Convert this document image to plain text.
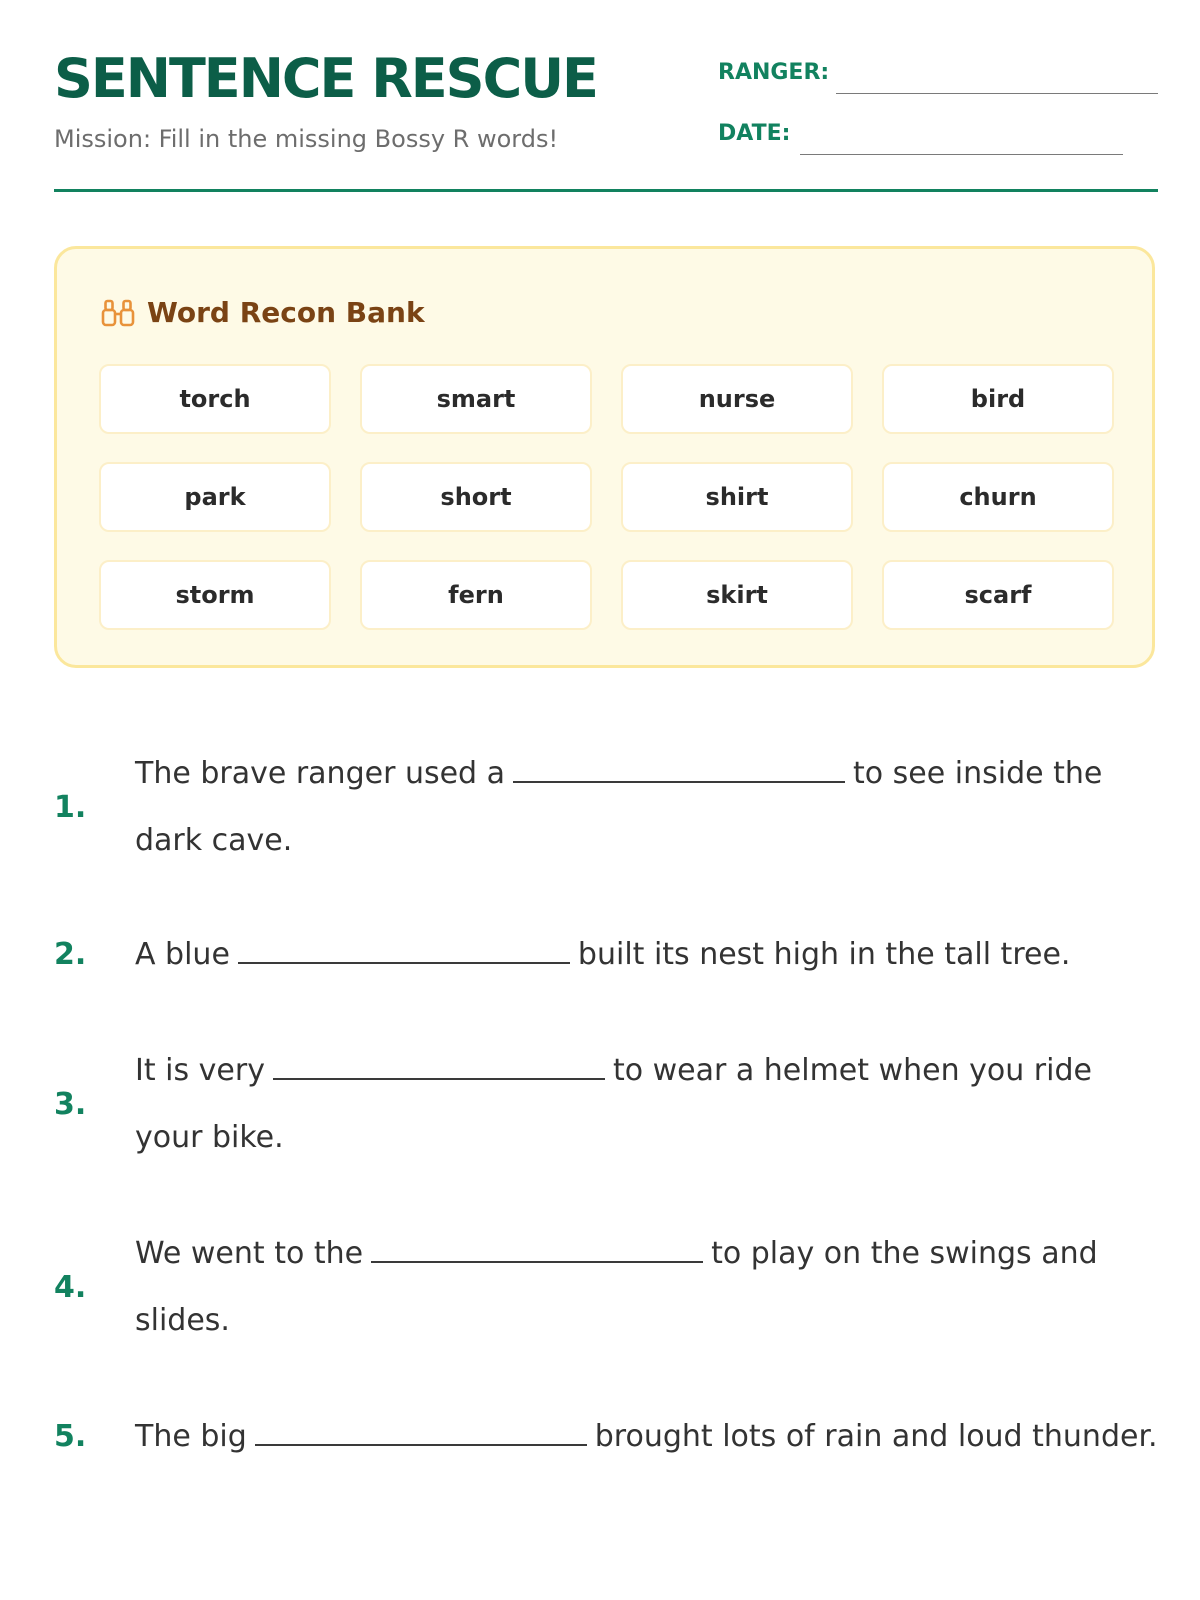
SENTENCE RESCUE
Mission: Fill in the missing Bossy R words!
RANGER:
DATE:
Word Recon Bank
torch	smart	nurse	bird
park	short	shirt	churn
storm	fern	skirt	scarf
1.
The brave ranger used a	to see inside the dark cave.
2.	A blue	built its nest high in the tall tree.
3.
It is very	to wear a helmet when you ride your bike.
4.
We went to the	to play on the swings and slides.
5.	The big	brought lots of rain and loud thunder.
